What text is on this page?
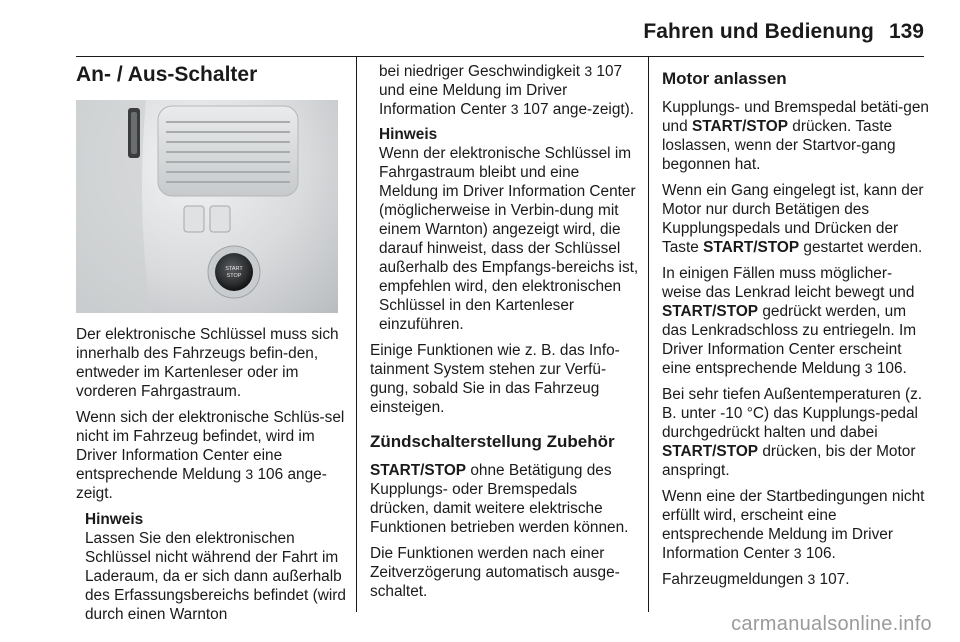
Fahren und Bedienung 139
An- / Aus-Schalter
START
STOP

Der elektronische Schlüssel muss sich innerhalb des Fahrzeugs befin-den, entweder im Kartenleser oder im vorderen Fahrgastraum.

Wenn sich der elektronische Schlüs-sel nicht im Fahrzeug befindet, wird im Driver Information Center eine entsprechende Meldung 3 106 ange-zeigt.

Hinweis
Lassen Sie den elektronischen Schlüssel nicht während der Fahrt im Laderaum, da er sich dann außerhalb des Erfassungsbereichs befindet (wird durch einen Warnton
bei niedriger Geschwindigkeit 3 107 und eine Meldung im Driver Information Center 3 107 ange-zeigt).
Hinweis
Wenn der elektronische Schlüssel im Fahrgastraum bleibt und eine Meldung im Driver Information Center (möglicherweise in Verbin-dung mit einem Warnton) angezeigt wird, die darauf hinweist, dass der Schlüssel außerhalb des Empfangs-bereichs ist, empfehlen wird, den elektronischen Schlüssel in den Kartenleser einzuführen.

Einige Funktionen wie z. B. das Info-tainment System stehen zur Verfü-gung, sobald Sie in das Fahrzeug einsteigen.

Zündschalterstellung Zubehör

START/STOP ohne Betätigung des Kupplungs- oder Bremspedals drücken, damit weitere elektrische Funktionen betrieben werden können.

Die Funktionen werden nach einer Zeitverzögerung automatisch ausge-schaltet.

Motor anlassen

Kupplungs- und Bremspedal betäti-gen und START/STOP drücken. Taste loslassen, wenn der Startvor-gang begonnen hat.

Wenn ein Gang eingelegt ist, kann der Motor nur durch Betätigen des Kupplungspedals und Drücken der Taste START/STOP gestartet werden.

In einigen Fällen muss möglicher-weise das Lenkrad leicht bewegt und START/STOP gedrückt werden, um das Lenkradschloss zu entriegeln. Im Driver Information Center erscheint eine entsprechende Meldung 3 106.

Bei sehr tiefen Außentemperaturen (z. B. unter -10 °C) das Kupplungs-pedal durchgedrückt halten und dabei START/STOP drücken, bis der Motor anspringt.

Wenn eine der Startbedingungen nicht erfüllt wird, erscheint eine entsprechende Meldung im Driver Information Center 3 106.

Fahrzeugmeldungen 3 107.

carmanualsonline.info
